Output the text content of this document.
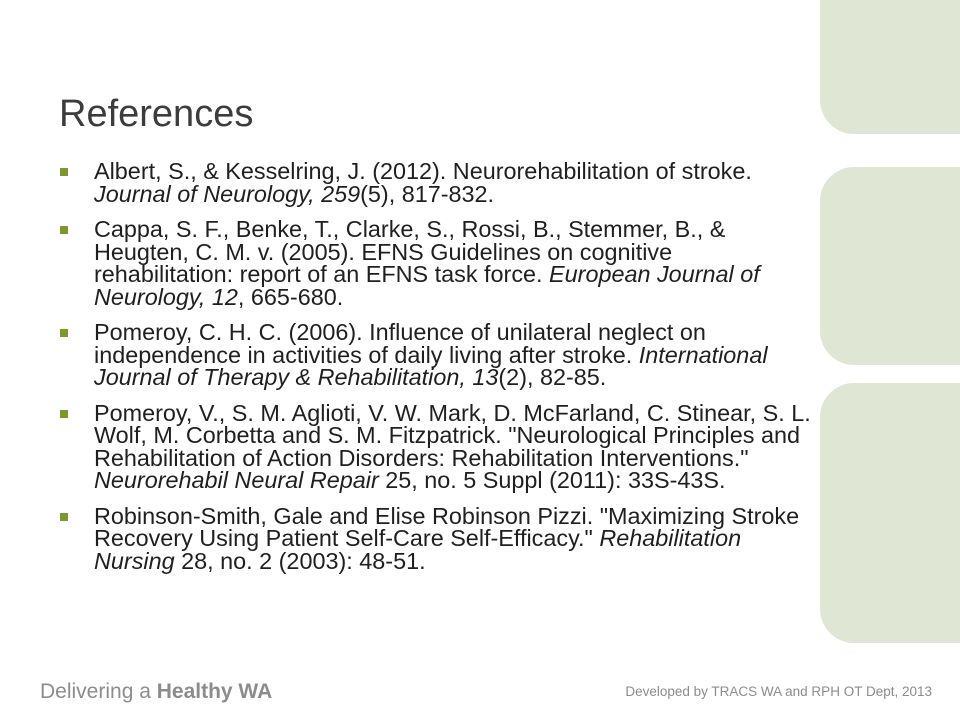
References
Albert, S., & Kesselring, J. (2012). Neurorehabilitation of stroke. Journal of Neurology, 259(5), 817-832.
Cappa, S. F., Benke, T., Clarke, S., Rossi, B., Stemmer, B., & Heugten, C. M. v. (2005). EFNS Guidelines on cognitive rehabilitation: report of an EFNS task force. European Journal of Neurology, 12, 665-680.
Pomeroy, C. H. C. (2006). Influence of unilateral neglect on independence in activities of daily living after stroke. International Journal of Therapy & Rehabilitation, 13(2), 82-85.
Pomeroy, V., S. M. Aglioti, V. W. Mark, D. McFarland, C. Stinear, S. L. Wolf, M. Corbetta and S. M. Fitzpatrick. "Neurological Principles and Rehabilitation of Action Disorders: Rehabilitation Interventions." Neurorehabil Neural Repair 25, no. 5 Suppl (2011): 33S-43S.
Robinson-Smith, Gale and Elise Robinson Pizzi. "Maximizing Stroke Recovery Using Patient Self-Care Self-Efficacy." Rehabilitation Nursing 28, no. 2 (2003): 48-51.
Delivering a Healthy WA	Developed by TRACS WA and RPH OT Dept, 2013
